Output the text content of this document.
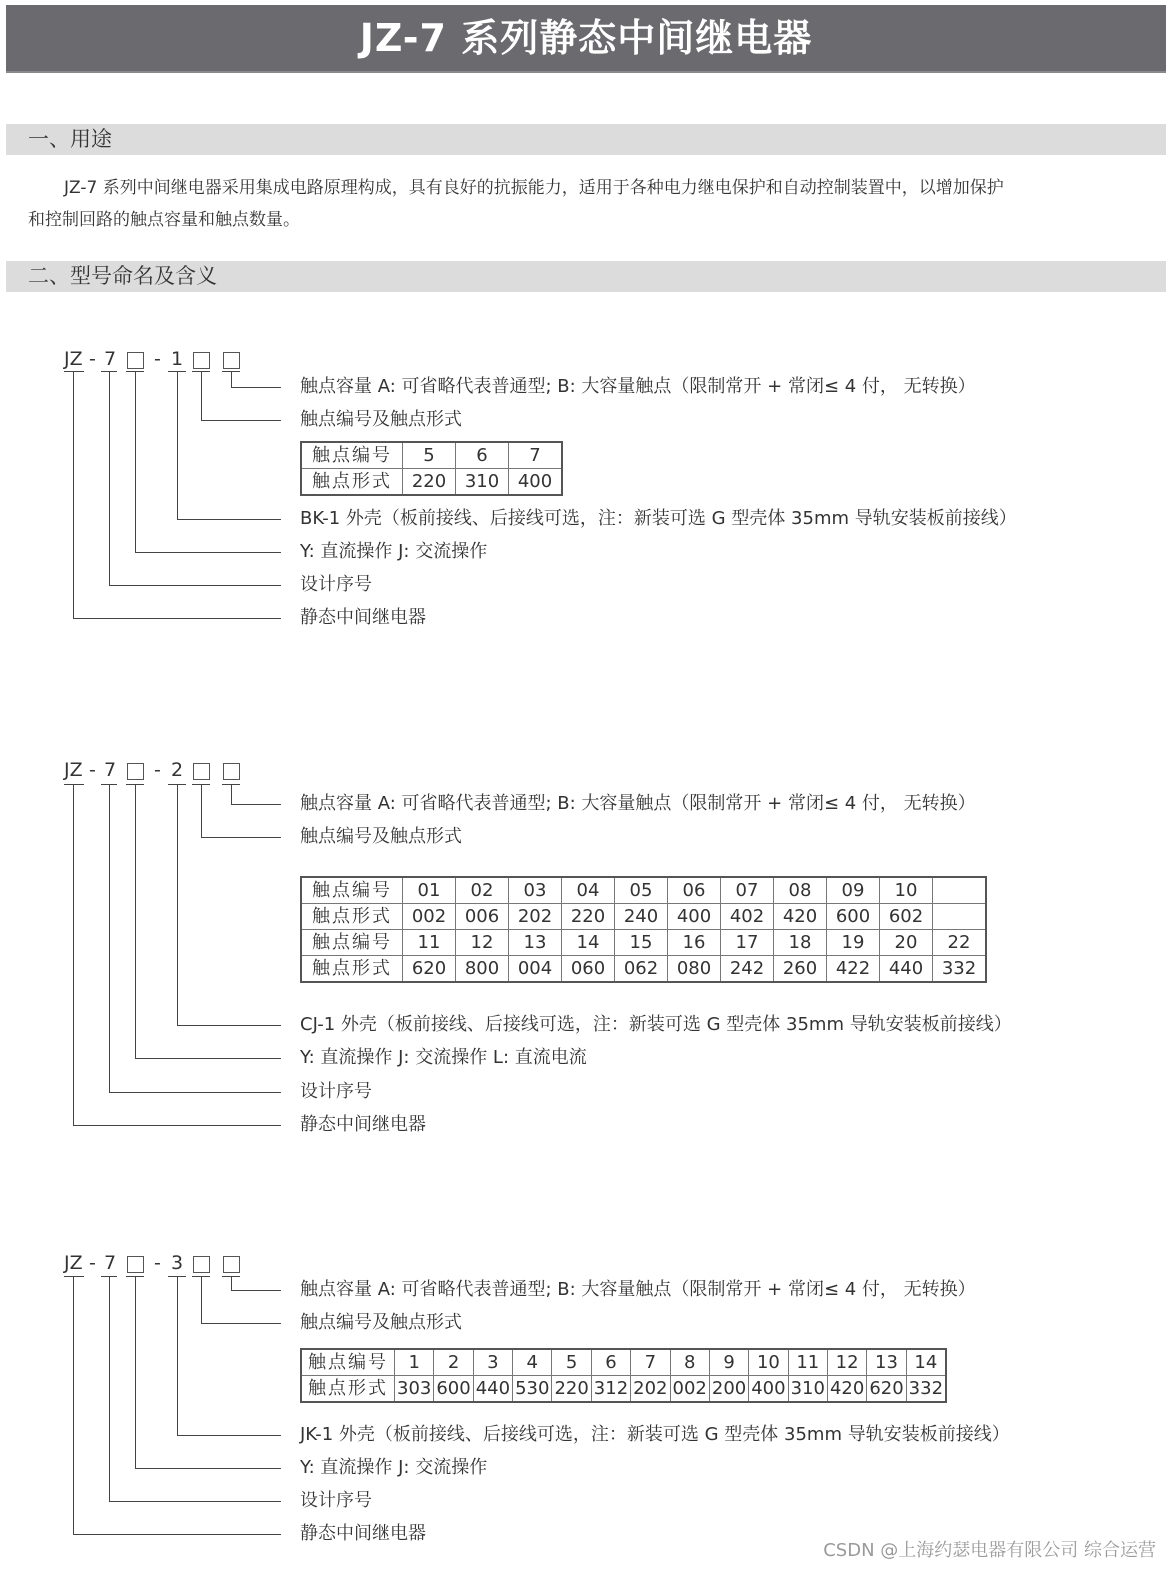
JZ-7 系列静态中间继电器
一、用途
JZ-7 系列中间继电器采用集成电路原理构成，具有良好的抗振能力，适用于各种电力继电保护和自动控制装置中，以增加保护
和控制回路的触点容量和触点数量。
二、型号命名及含义
JZ - 7 - 1
触点容量 A: 可省略代表普通型; B: 大容量触点（限制常开 + 常闭≤ 4 付， 无转换）
触点编号及触点形式
触点编号	5	6	7
触点形式	220	310	400
BK-1 外壳（板前接线、后接线可选，注：新装可选 G 型壳体 35mm 导轨安装板前接线）
Y: 直流操作 J: 交流操作
设计序号
静态中间继电器
JZ - 7 - 2
触点容量 A: 可省略代表普通型; B: 大容量触点（限制常开 + 常闭≤ 4 付， 无转换）
触点编号及触点形式
触点编号	01	02	03	04	05	06	07	08	09	10	
触点形式	002	006	202	220	240	400	402	420	600	602	
触点编号	11	12	13	14	15	16	17	18	19	20	22
触点形式	620	800	004	060	062	080	242	260	422	440	332
CJ-1 外壳（板前接线、后接线可选，注：新装可选 G 型壳体 35mm 导轨安装板前接线）
Y: 直流操作 J: 交流操作 L: 直流电流
设计序号
静态中间继电器
JZ - 7 - 3
触点容量 A: 可省略代表普通型; B: 大容量触点（限制常开 + 常闭≤ 4 付， 无转换）
触点编号及触点形式
触点编号	1	2	3	4	5	6	7	8	9	10	11	12	13	14
触点形式	303	600	440	530	220	312	202	002	200	400	310	420	620	332
JK-1 外壳（板前接线、后接线可选，注：新装可选 G 型壳体 35mm 导轨安装板前接线）
Y: 直流操作 J: 交流操作
设计序号
静态中间继电器
CSDN @上海约瑟电器有限公司 综合运营
